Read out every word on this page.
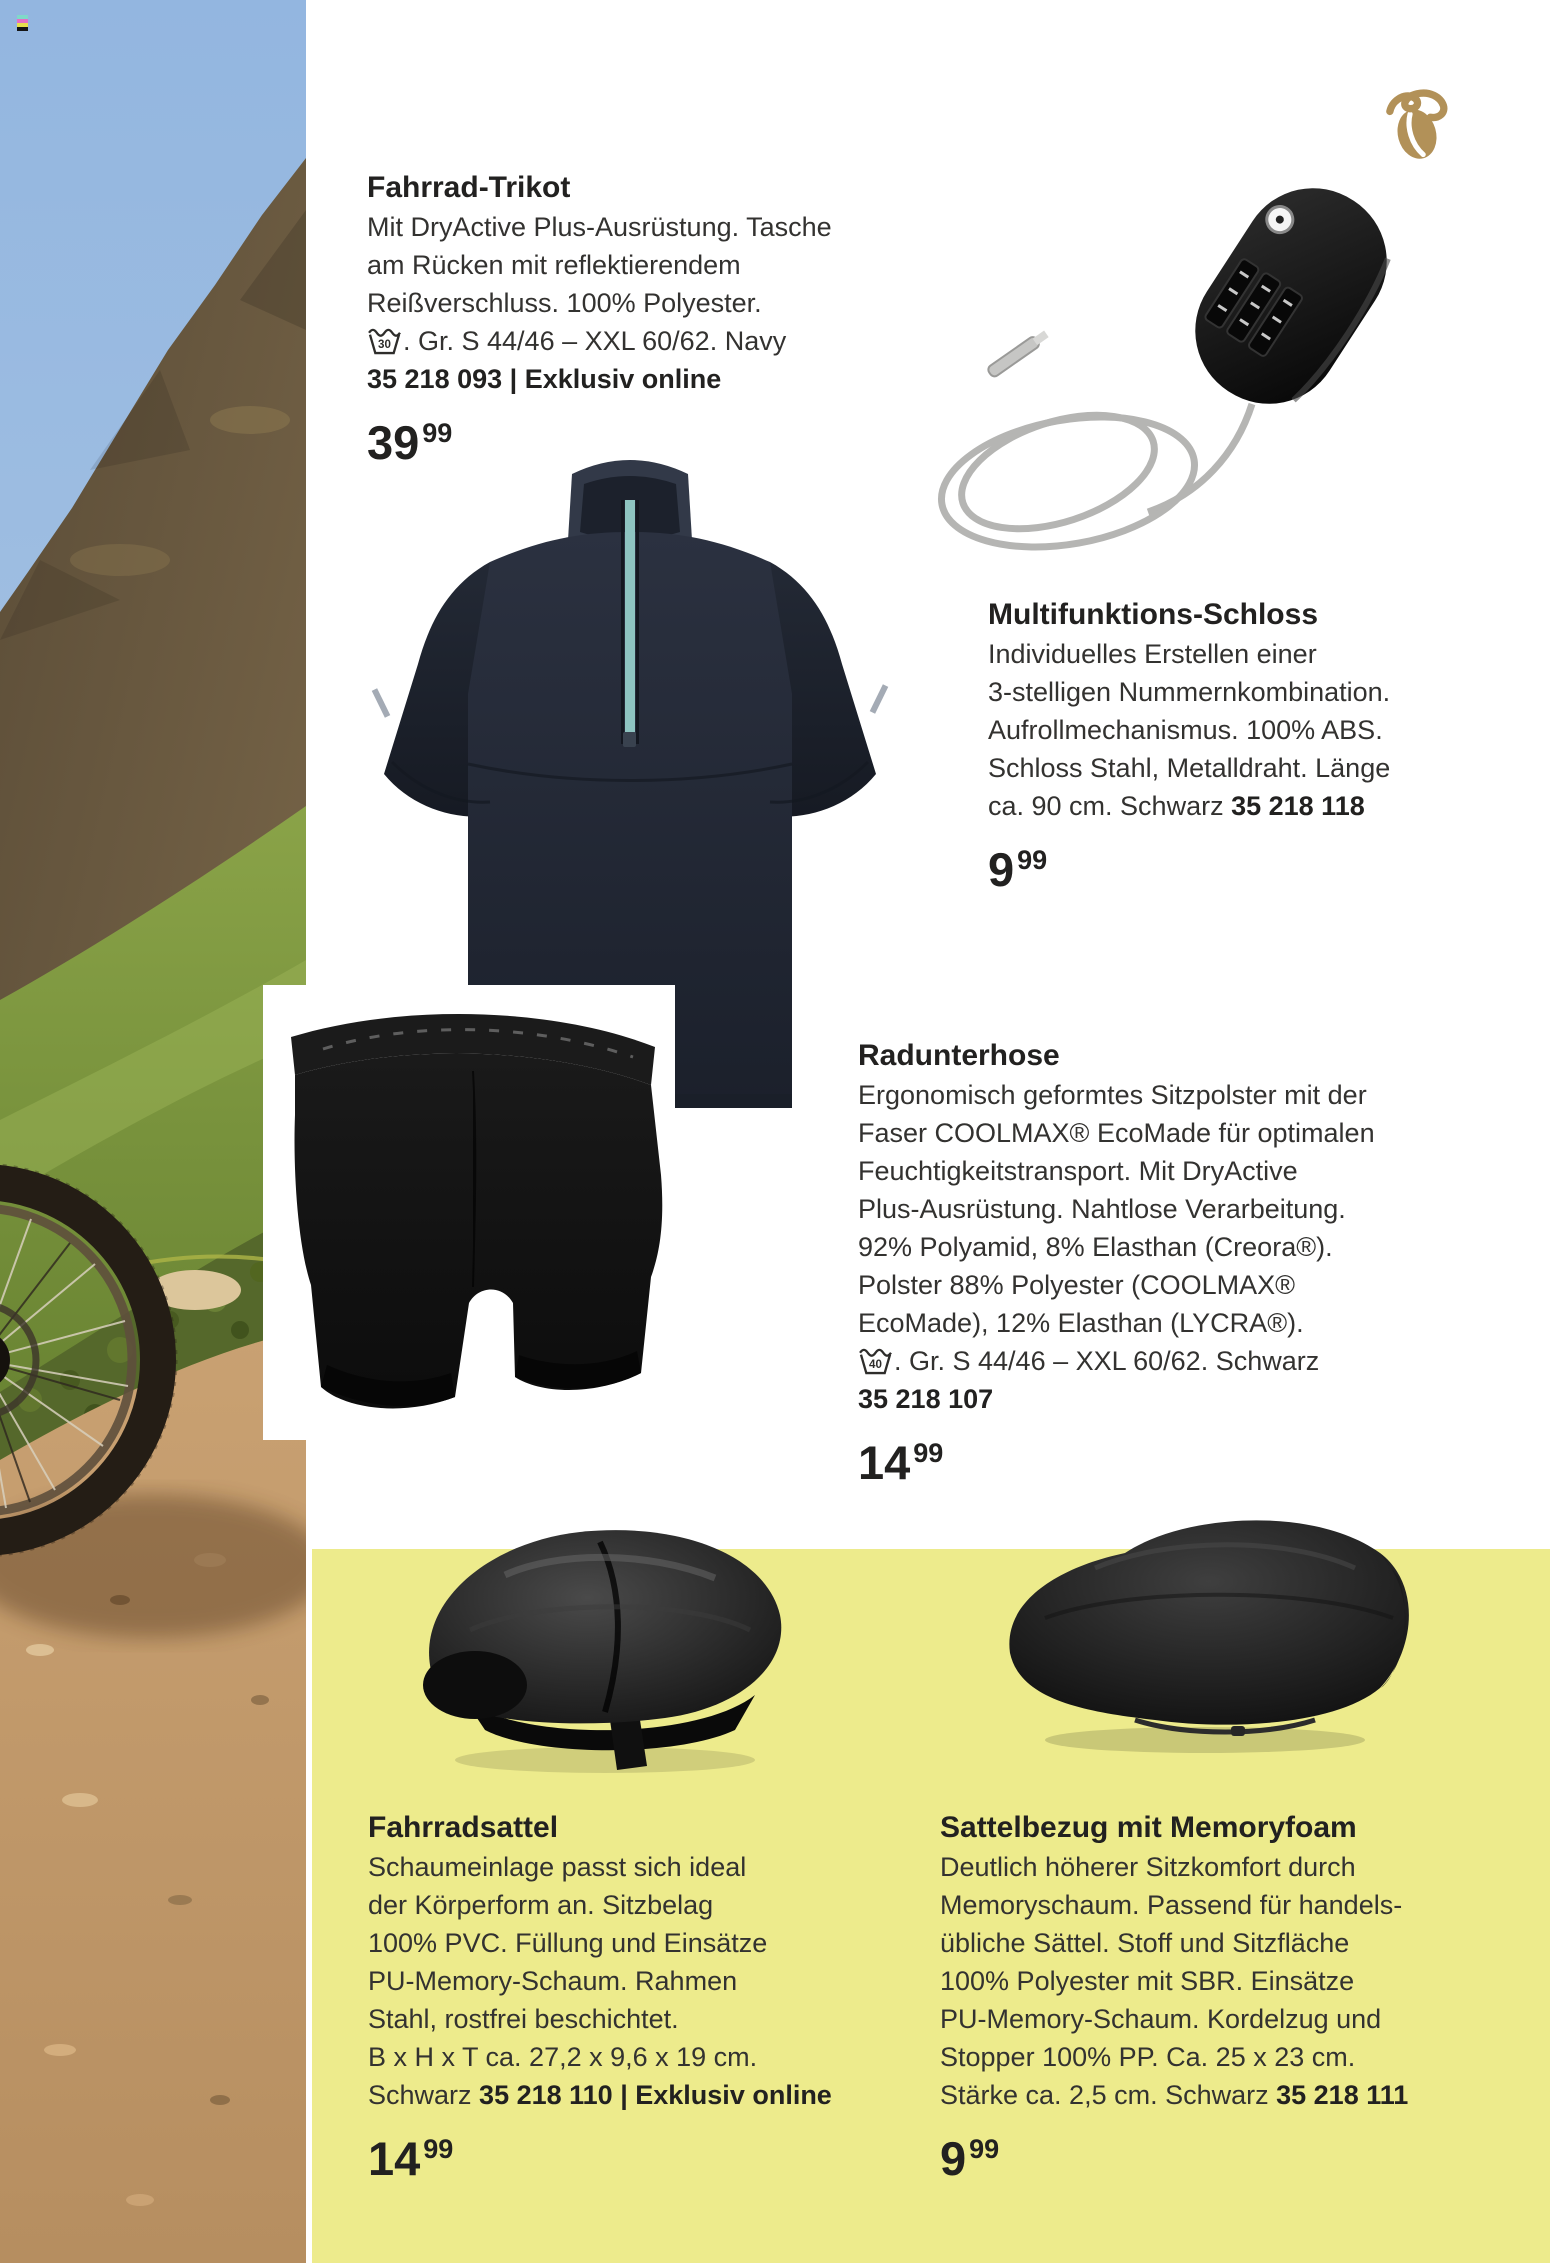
Fahrrad-Trikot

Mit DryActive Plus-Ausrüstung. Tasche

am Rücken mit reflektierendem

Reißverschluss. 100% Polyester.

30 . Gr. S 44/46 – XXL 60/62. Navy

35 218 093 | Exklusiv online

39 $^{99}$
Multifunktions-Schloss

Individuelles Erstellen einer

3-stelligen Nummernkombination.

Aufrollmechanismus. 100% ABS.

Schloss Stahl, Metalldraht. Länge

ca. 90 cm. Schwarz 35 218 118

9 $^{99}$
Radunterhose

Ergonomisch geformtes Sitzpolster mit der

Faser COOLMAX® EcoMade für optimalen

Feuchtigkeitstransport. Mit DryActive

Plus-Ausrüstung. Nahtlose Verarbeitung.

92% Polyamid, 8% Elasthan (Creora®).

Polster 88% Polyester (COOLMAX®

EcoMade), 12% Elasthan (LYCRA®).

40 . Gr. S 44/46 – XXL 60/62. Schwarz

35 218 107

14 $^{99}$
Fahrradsattel

Schaumeinlage passt sich ideal

der Körperform an. Sitzbelag

100% PVC. Füllung und Einsätze

PU-Memory-Schaum. Rahmen

Stahl, rostfrei beschichtet.

B x H x T ca. 27,2 x 9,6 x 19 cm.

Schwarz 35 218 110 | Exklusiv online

14 $^{99}$
Sattelbezug mit Memoryfoam

Deutlich höherer Sitzkomfort durch

Memoryschaum. Passend für handels-

übliche Sättel. Stoff und Sitzfläche

100% Polyester mit SBR. Einsätze

PU-Memory-Schaum. Kordelzug und

Stopper 100% PP. Ca. 25 x 23 cm.

Stärke ca. 2,5 cm. Schwarz 35 218 111

9 $^{99}$
